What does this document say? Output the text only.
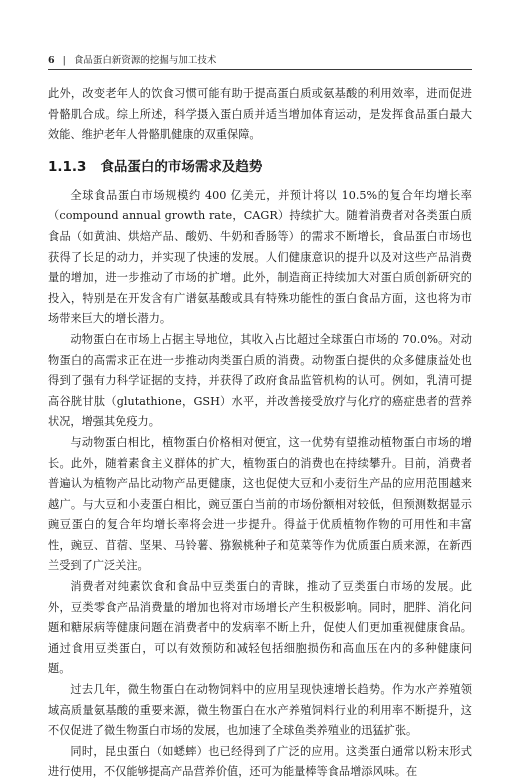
6 | 食品蛋白新资源的挖掘与加工技术

此外，改变老年人的饮食习惯可能有助于提高蛋白质或氨基酸的利用效率，进而促进骨骼肌合成。综上所述，科学摄入蛋白质并适当增加体育运动，是发挥食品蛋白最大效能、维护老年人骨骼肌健康的双重保障。

1.1.3 食品蛋白的市场需求及趋势

全球食品蛋白市场规模约 400 亿美元，并预计将以 10.5%的复合年均增长率（compound annual growth rate，CAGR）持续扩大。随着消费者对各类蛋白质食品（如黄油、烘焙产品、酸奶、牛奶和香肠等）的需求不断增长，食品蛋白市场也获得了长足的动力，并实现了快速的发展。人们健康意识的提升以及对这些产品消费量的增加，进一步推动了市场的扩增。此外，制造商正持续加大对蛋白质创新研究的投入，特别是在开发含有广谱氨基酸或具有特殊功能性的蛋白食品方面，这也将为市场带来巨大的增长潜力。

动物蛋白在市场上占据主导地位，其收入占比超过全球蛋白市场的 70.0%。对动物蛋白的高需求正在进一步推动肉类蛋白质的消费。动物蛋白提供的众多健康益处也得到了强有力科学证据的支持，并获得了政府食品监管机构的认可。例如，乳清可提高谷胱甘肽（glutathione，GSH）水平，并改善接受放疗与化疗的癌症患者的营养状况，增强其免疫力。

与动物蛋白相比，植物蛋白价格相对便宜，这一优势有望推动植物蛋白市场的增长。此外，随着素食主义群体的扩大，植物蛋白的消费也在持续攀升。目前，消费者普遍认为植物产品比动物产品更健康，这也促使大豆和小麦衍生产品的应用范围越来越广。与大豆和小麦蛋白相比，豌豆蛋白当前的市场份额相对较低，但预测数据显示豌豆蛋白的复合年均增长率将会进一步提升。得益于优质植物作物的可用性和丰富性，豌豆、苜蓿、坚果、马铃薯、猕猴桃种子和苋菜等作为优质蛋白质来源，在新西兰受到了广泛关注。

消费者对纯素饮食和食品中豆类蛋白的青睐，推动了豆类蛋白市场的发展。此外，豆类零食产品消费量的增加也将对市场增长产生积极影响。同时，肥胖、消化问题和糖尿病等健康问题在消费者中的发病率不断上升，促使人们更加重视健康食品。通过食用豆类蛋白，可以有效预防和减轻包括细胞损伤和高血压在内的多种健康问题。

过去几年，微生物蛋白在动物饲料中的应用呈现快速增长趋势。作为水产养殖领域高质量氨基酸的重要来源，微生物蛋白在水产养殖饲料行业的利用率不断提升，这不仅促进了微生物蛋白市场的发展，也加速了全球鱼类养殖业的迅猛扩张。

同时，昆虫蛋白（如蟋蟀）也已经得到了广泛的应用。这类蛋白通常以粉末形式进行使用，不仅能够提高产品营养价值，还可为能量棒等食品增添风味。在
